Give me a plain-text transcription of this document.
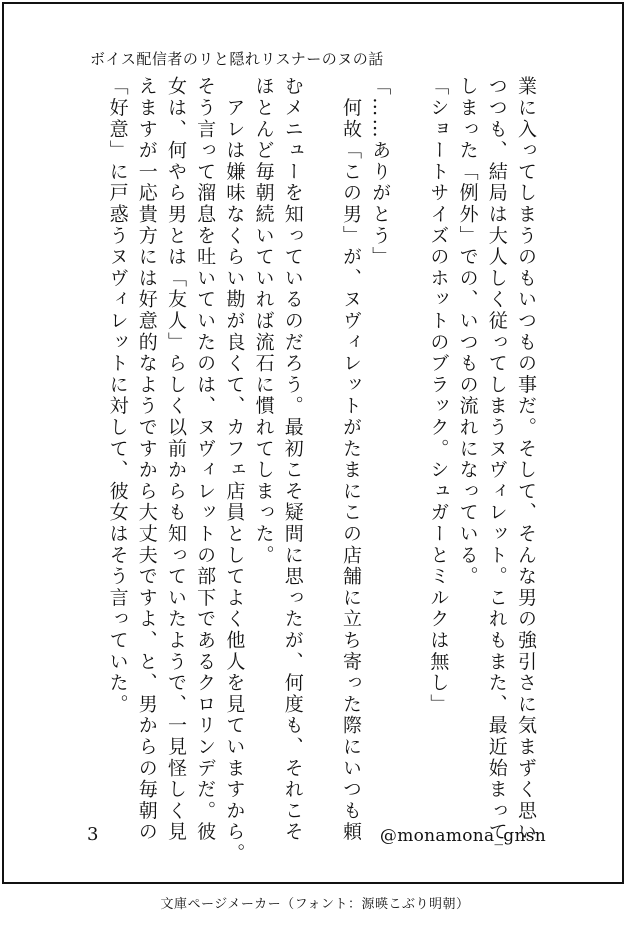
ボイス配信者のリと隠れリスナーのヌの話

業に入ってしまうのもいつもの事だ。そして、そんな男の強引さに気まずく思い

つつも、結局は大人しく従ってしまうヌヴィレット。これもまた、最近始まって

しまった「例外」での、いつもの流れになっている。

「ショートサイズのホットのブラック。シュガーとミルクは無し」

「……ありがとう」

　何故「この男」が、ヌヴィレットがたまにこの店舗に立ち寄った際にいつも頼

むメニューを知っているのだろう。最初こそ疑問に思ったが、何度も、それこそ

ほとんど毎朝続いていれば流石に慣れてしまった。

　アレは嫌味なくらい勘が良くて、カフェ店員としてよく他人を見ていますから。

そう言って溜息を吐いていたのは、ヌヴィレットの部下であるクロリンデだ。彼

女は、何やら男とは「友人」らしく以前からも知っていたようで、一見怪しく見

えますが一応貴方には好意的なようですから大丈夫ですよ、と、男からの毎朝の

「好意」に戸惑うヌヴィレットに対して、彼女はそう言っていた。

3	@monamona_gnsn
文庫ページメーカー（フォント：源暎こぶり明朝）
